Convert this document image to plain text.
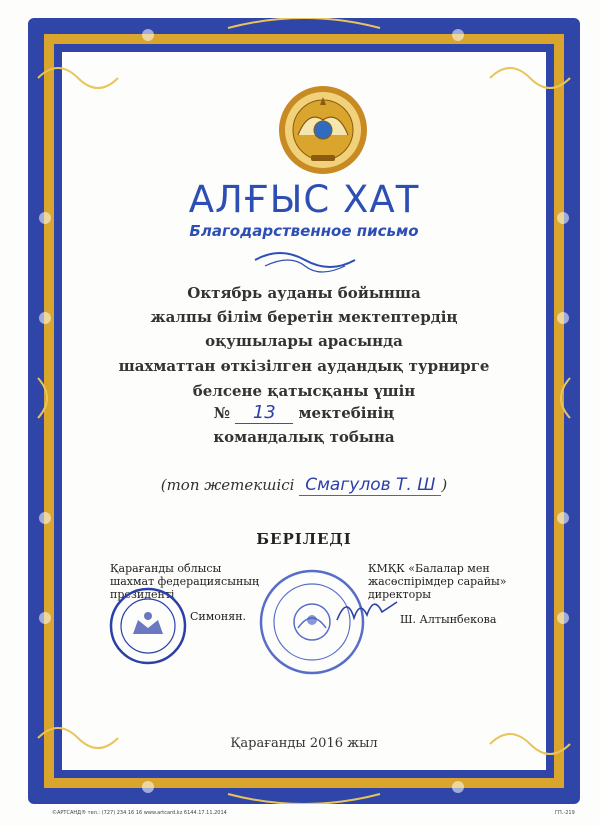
АЛҒЫС ХАТ
Благодарственное письмо
Октябрь ауданы бойынша
жалпы білім беретін мектептердің
оқушылары арасында
шахматтан өткізілген аудандық турнирге
белсене қатысқаны үшін
№ 13 мектебінің
командалық тобына
(топ жетекшісі Смагулов Т. Ш )
БЕРІЛЕДІ
Қарағанды облысы
шахмат федерациясының
президенті
Симонян.
КМҚК «Балалар мен
жасөспірімдер сарайы»
директоры
Ш. Алтынбекова
Қарағанды 2016 жыл
©АРТСАНД® тел.: (727) 234 16 16 www.artcard.kz 6144.17.11.2014	ГП.-219
